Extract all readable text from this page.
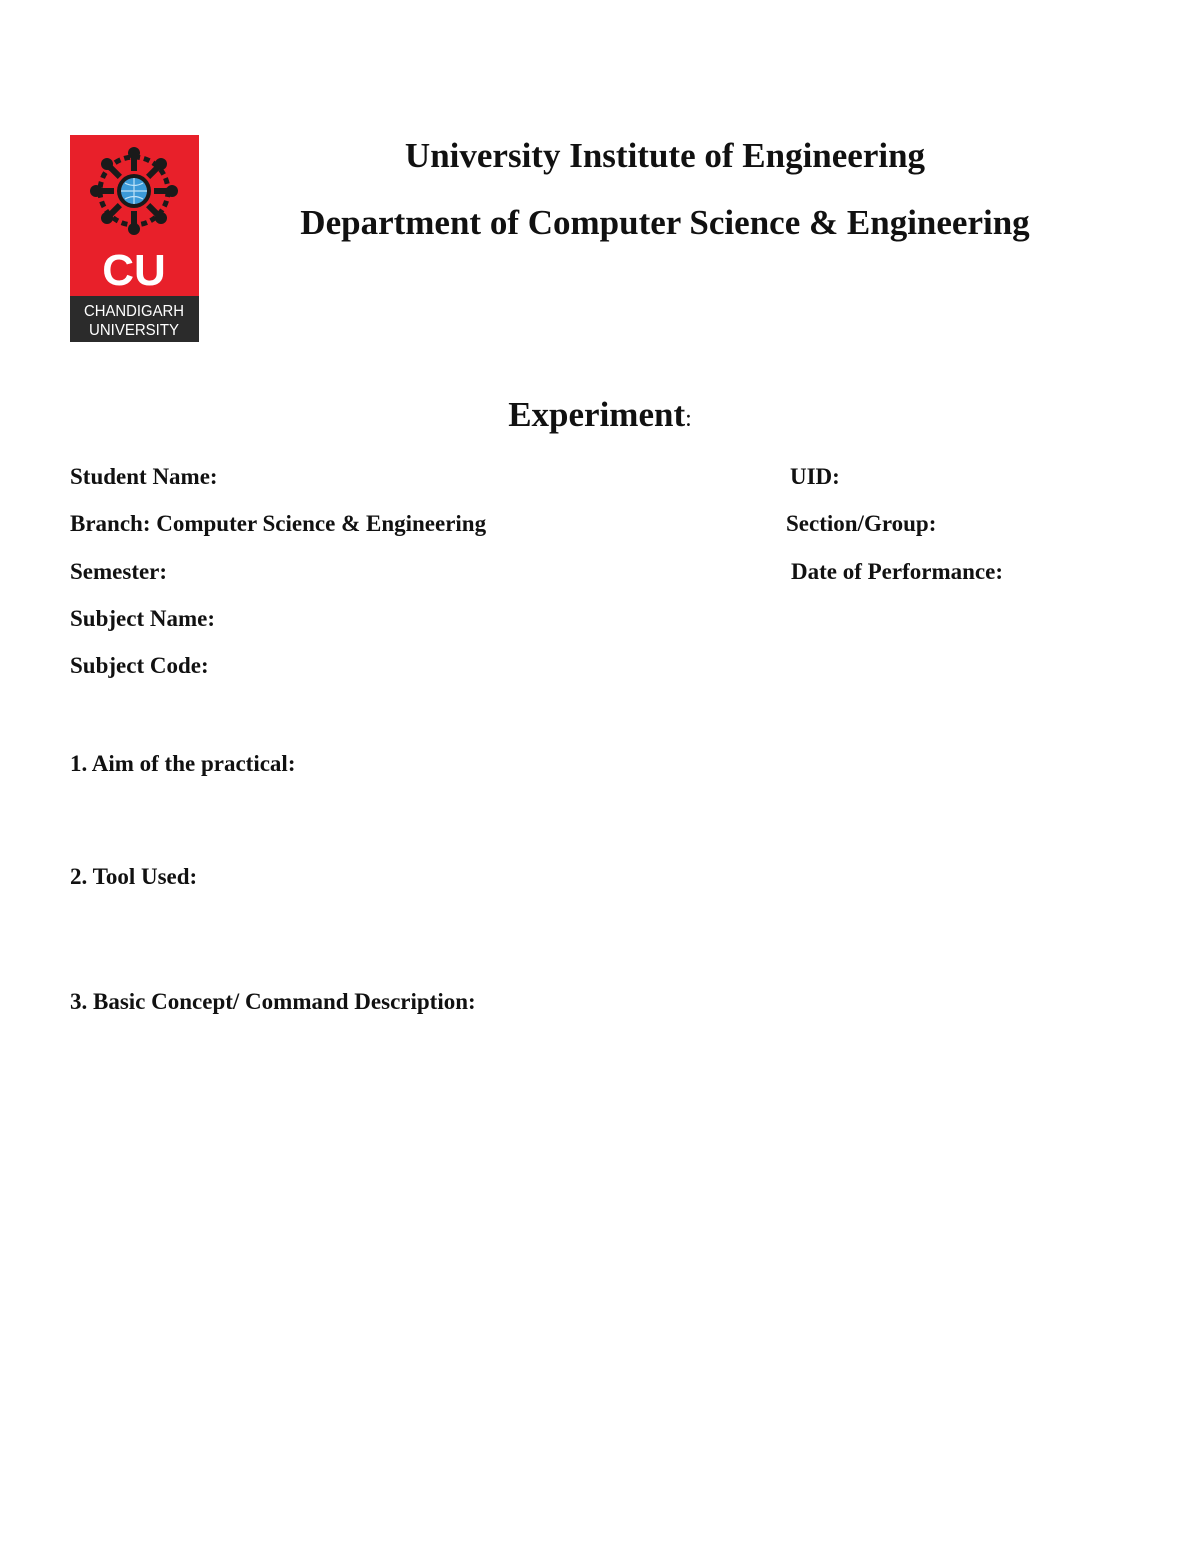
CU
CHANDIGARH
UNIVERSITY
University Institute of Engineering
Department of Computer Science & Engineering
Experiment:
Student Name:	UID:
Branch: Computer Science & Engineering	Section/Group:
Semester:	Date of Performance:
Subject Name:
Subject Code:
1. Aim of the practical:
2. Tool Used:
3. Basic Concept/ Command Description:
